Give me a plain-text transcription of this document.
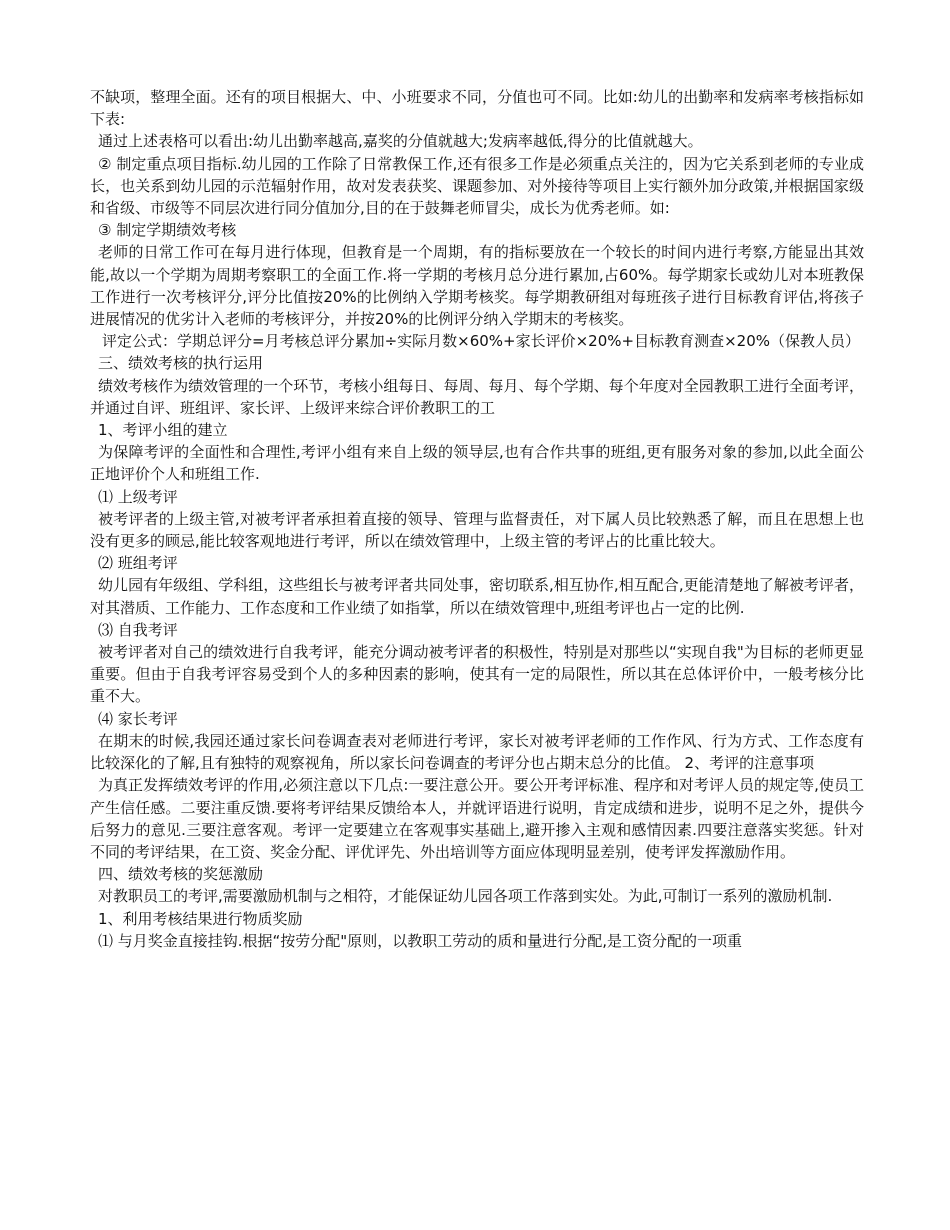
不缺项，整理全面。还有的项目根据大、中、小班要求不同，分值也可不同。比如:幼儿的出勤率和发病率考核指标如下表:

通过上述表格可以看出:幼儿出勤率越高,嘉奖的分值就越大;发病率越低,得分的比值就越大。

② 制定重点项目指标.幼儿园的工作除了日常教保工作,还有很多工作是必须重点关注的，因为它关系到老师的专业成长，也关系到幼儿园的示范辐射作用，故对发表获奖、课题参加、对外接待等项目上实行额外加分政策,并根据国家级和省级、市级等不同层次进行同分值加分,目的在于鼓舞老师冒尖，成长为优秀老师。如:

③ 制定学期绩效考核

老师的日常工作可在每月进行体现，但教育是一个周期，有的指标要放在一个较长的时间内进行考察,方能显出其效能,故以一个学期为周期考察职工的全面工作.将一学期的考核月总分进行累加,占60%。每学期家长或幼儿对本班教保工作进行一次考核评分,评分比值按20%的比例纳入学期考核奖。每学期教研组对每班孩子进行目标教育评估,将孩子进展情况的优劣计入老师的考核评分，并按20%的比例评分纳入学期末的考核奖。

评定公式：学期总评分=月考核总评分累加÷实际月数×60%+家长评价×20%+目标教育测查×20%（保教人员）

三、绩效考核的执行运用

绩效考核作为绩效管理的一个环节，考核小组每日、每周、每月、每个学期、每个年度对全园教职工进行全面考评，并通过自评、班组评、家长评、上级评来综合评价教职工的工

1、考评小组的建立

为保障考评的全面性和合理性,考评小组有来自上级的领导层,也有合作共事的班组,更有服务对象的参加,以此全面公正地评价个人和班组工作.

⑴ 上级考评

被考评者的上级主管,对被考评者承担着直接的领导、管理与监督责任，对下属人员比较熟悉了解，而且在思想上也没有更多的顾忌,能比较客观地进行考评，所以在绩效管理中，上级主管的考评占的比重比较大。

⑵ 班组考评

幼儿园有年级组、学科组，这些组长与被考评者共同处事，密切联系,相互协作,相互配合,更能清楚地了解被考评者，对其潜质、工作能力、工作态度和工作业绩了如指掌，所以在绩效管理中,班组考评也占一定的比例.

⑶ 自我考评

被考评者对自己的绩效进行自我考评，能充分调动被考评者的积极性，特别是对那些以“实现自我"为目标的老师更显重要。但由于自我考评容易受到个人的多种因素的影响，使其有一定的局限性，所以其在总体评价中，一般考核分比重不大。

⑷ 家长考评

在期末的时候,我园还通过家长问卷调查表对老师进行考评，家长对被考评老师的工作作风、行为方式、工作态度有比较深化的了解,且有独特的观察视角，所以家长问卷调查的考评分也占期末总分的比值。 2、考评的注意事项

为真正发挥绩效考评的作用,必须注意以下几点:一要注意公开。要公开考评标准、程序和对考评人员的规定等,使员工产生信任感。二要注重反馈.要将考评结果反馈给本人，并就评语进行说明，肯定成绩和进步，说明不足之外，提供今后努力的意见.三要注意客观。考评一定要建立在客观事实基础上,避开掺入主观和感情因素.四要注意落实奖惩。针对不同的考评结果，在工资、奖金分配、评优评先、外出培训等方面应体现明显差别，使考评发挥激励作用。

四、绩效考核的奖惩激励

对教职员工的考评,需要激励机制与之相符，才能保证幼儿园各项工作落到实处。为此,可制订一系列的激励机制.

1、利用考核结果进行物质奖励

⑴ 与月奖金直接挂钩.根据“按劳分配"原则，以教职工劳动的质和量进行分配,是工资分配的一项重
